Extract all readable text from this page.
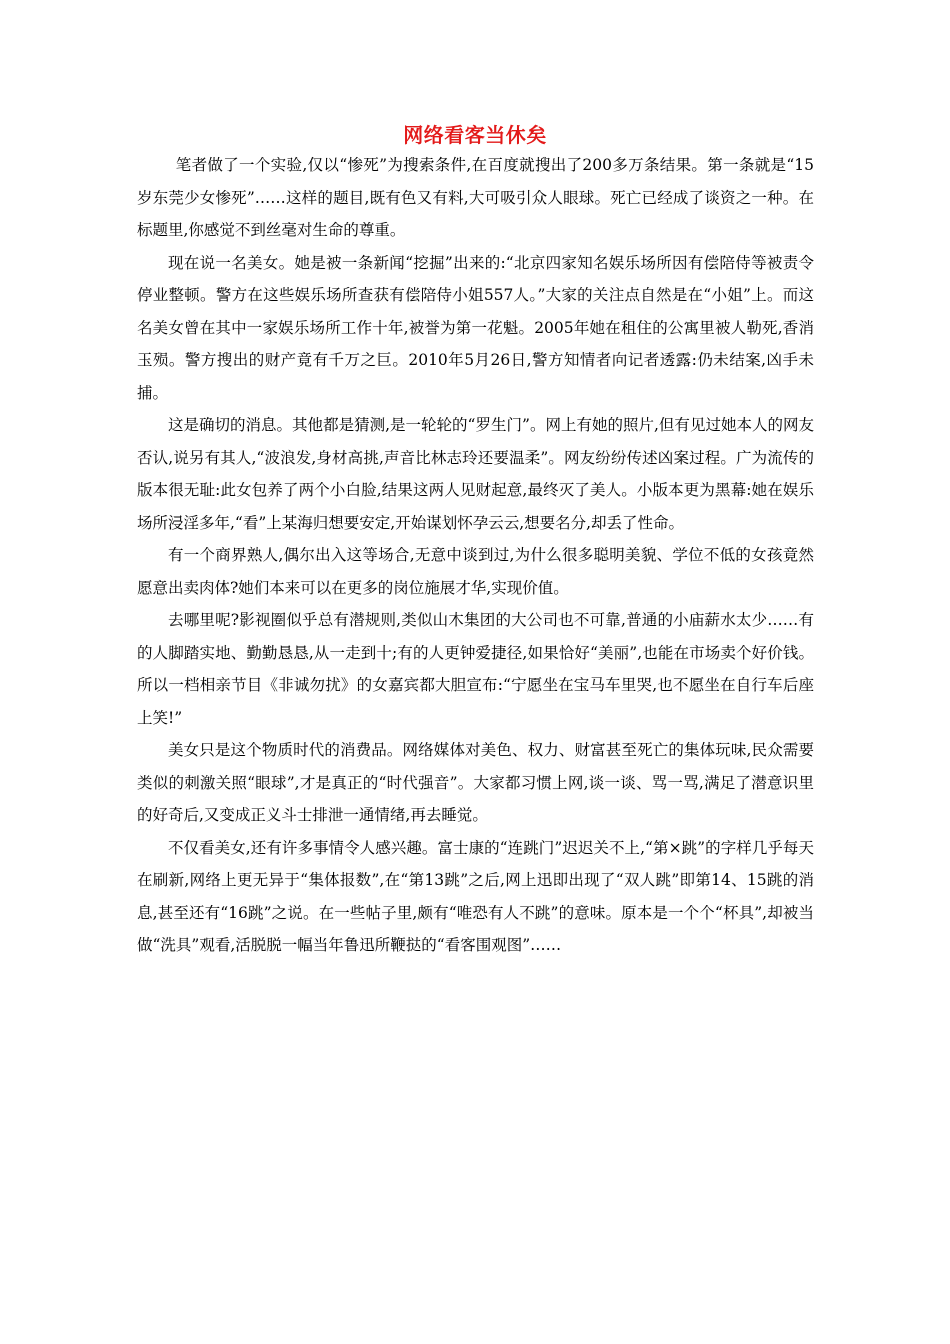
网络看客当休矣

笔者做了一个实验,仅以“惨死”为搜索条件,在百度就搜出了200多万条结果。第一条就是“15岁东莞少女惨死”……这样的题目,既有色又有料,大可吸引众人眼球。死亡已经成了谈资之一种。在标题里,你感觉不到丝毫对生命的尊重。

现在说一名美女。她是被一条新闻“挖掘”出来的:“北京四家知名娱乐场所因有偿陪侍等被责令停业整顿。警方在这些娱乐场所查获有偿陪侍小姐557人。”大家的关注点自然是在“小姐”上。而这名美女曾在其中一家娱乐场所工作十年,被誉为第一花魁。2005年她在租住的公寓里被人勒死,香消玉殒。警方搜出的财产竟有千万之巨。2010年5月26日,警方知情者向记者透露:仍未结案,凶手未捕。

这是确切的消息。其他都是猜测,是一轮轮的“罗生门”。网上有她的照片,但有见过她本人的网友否认,说另有其人,“波浪发,身材高挑,声音比林志玲还要温柔”。网友纷纷传述凶案过程。广为流传的版本很无耻:此女包养了两个小白脸,结果这两人见财起意,最终灭了美人。小版本更为黑幕:她在娱乐场所浸淫多年,“看”上某海归想要安定,开始谋划怀孕云云,想要名分,却丢了性命。

有一个商界熟人,偶尔出入这等场合,无意中谈到过,为什么很多聪明美貌、学位不低的女孩竟然愿意出卖肉体?她们本来可以在更多的岗位施展才华,实现价值。

去哪里呢?影视圈似乎总有潜规则,类似山木集团的大公司也不可靠,普通的小庙薪水太少……有的人脚踏实地、勤勤恳恳,从一走到十;有的人更钟爱捷径,如果恰好“美丽”,也能在市场卖个好价钱。所以一档相亲节目《非诚勿扰》的女嘉宾都大胆宣布:“宁愿坐在宝马车里哭,也不愿坐在自行车后座上笑!”

美女只是这个物质时代的消费品。网络媒体对美色、权力、财富甚至死亡的集体玩味,民众需要类似的刺激关照“眼球”,才是真正的“时代强音”。大家都习惯上网,谈一谈、骂一骂,满足了潜意识里的好奇后,又变成正义斗士排泄一通情绪,再去睡觉。

不仅看美女,还有许多事情令人感兴趣。富士康的“连跳门”迟迟关不上,“第×跳”的字样几乎每天在刷新,网络上更无异于“集体报数”,在“第13跳”之后,网上迅即出现了“双人跳”即第14、15跳的消息,甚至还有“16跳”之说。在一些帖子里,颇有“唯恐有人不跳”的意味。原本是一个个“杯具”,却被当做“洗具”观看,活脱脱一幅当年鲁迅所鞭挞的“看客围观图”……
